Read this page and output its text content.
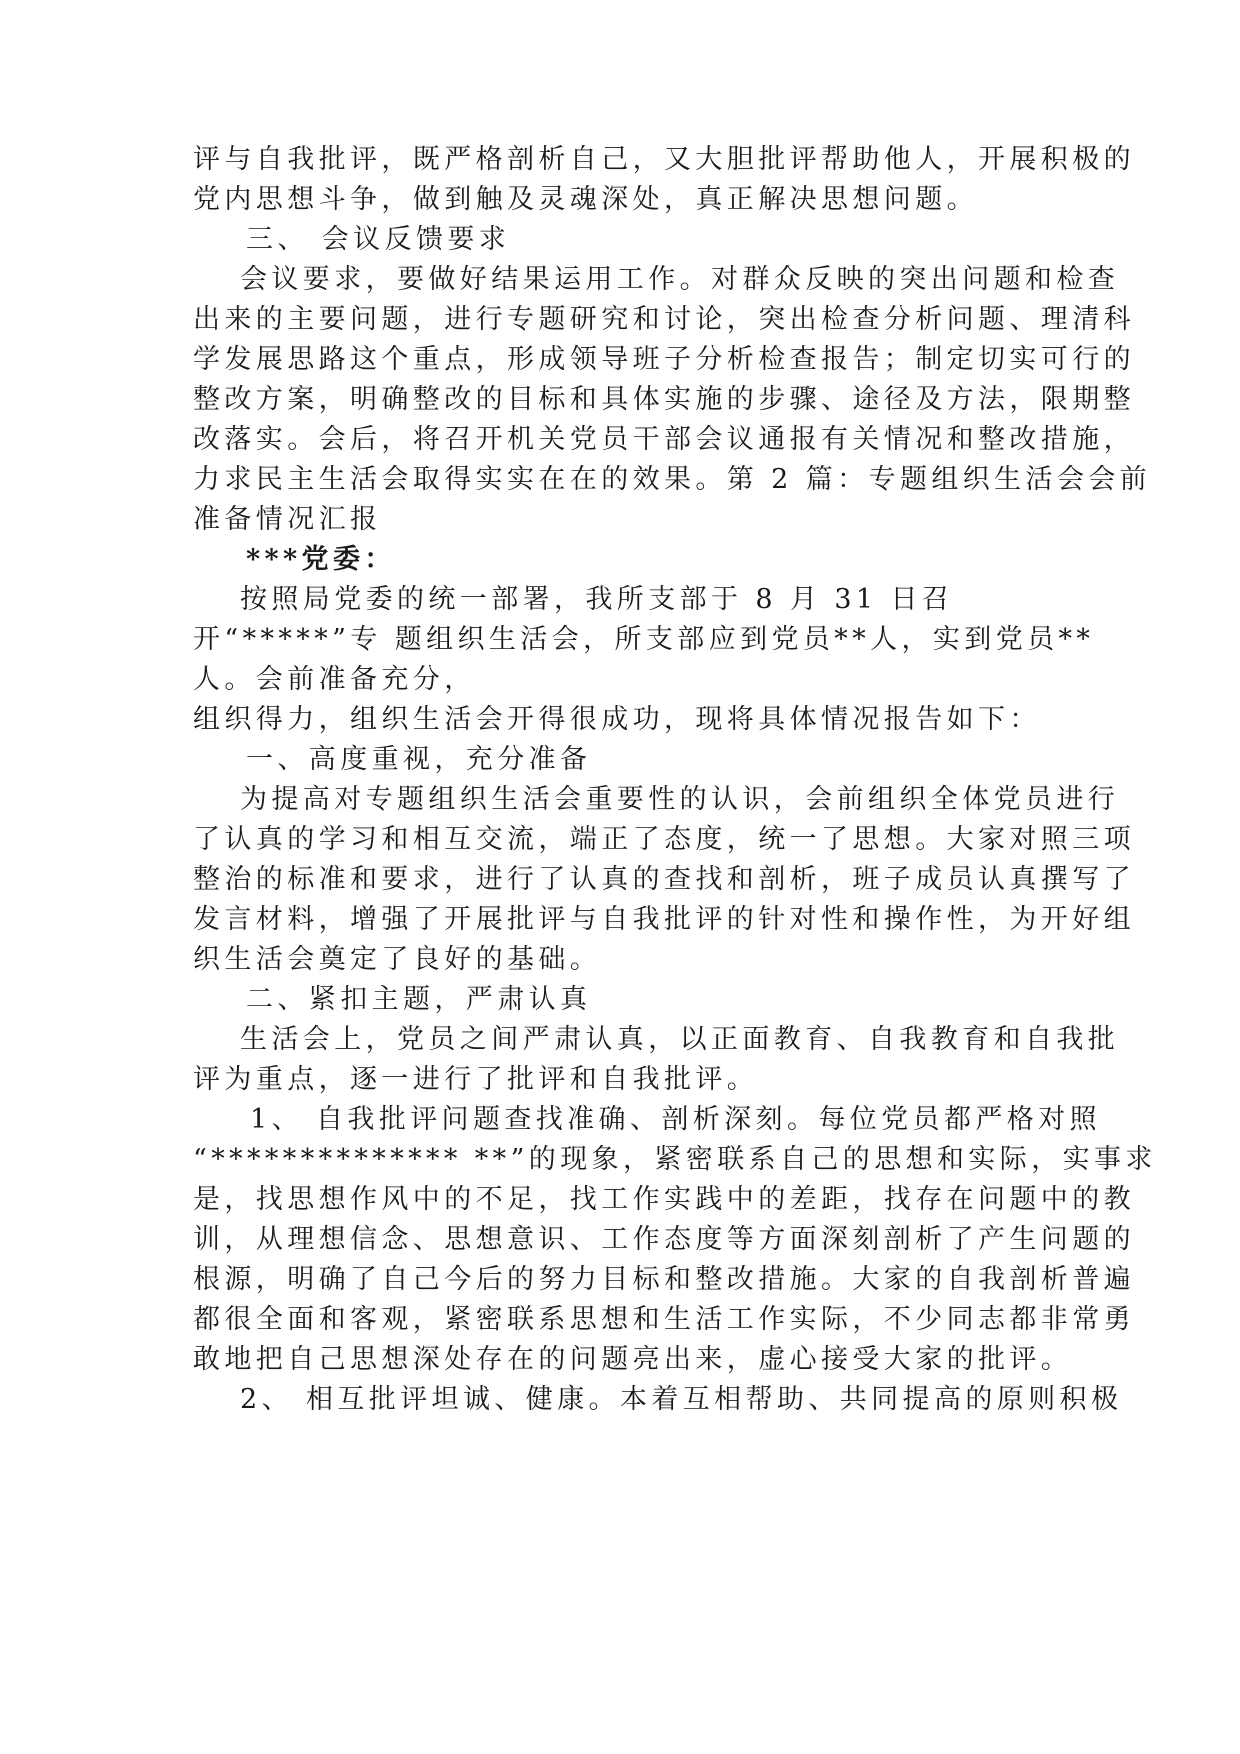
评与自我批评，既严格剖析自己，又大胆批评帮助他人，开展积极的
党内思想斗争，做到触及灵魂深处，真正解决思想问题。
三、 会议反馈要求
会议要求，要做好结果运用工作。对群众反映的突出问题和检查
出来的主要问题，进行专题研究和讨论，突出检查分析问题、理清科
学发展思路这个重点，形成领导班子分析检查报告；制定切实可行的
整改方案，明确整改的目标和具体实施的步骤、途径及方法，限期整
改落实。会后，将召开机关党员干部会议通报有关情况和整改措施，
力求民主生活会取得实实在在的效果。第 2 篇：专题组织生活会会前
准备情况汇报
***党委：
按照局党委的统一部署，我所支部于 8 月 31 日召
开“*****”专 题组织生活会，所支部应到党员**人，实到党员**
人。会前准备充分，
组织得力，组织生活会开得很成功，现将具体情况报告如下：
一、高度重视，充分准备
为提高对专题组织生活会重要性的认识，会前组织全体党员进行
了认真的学习和相互交流，端正了态度，统一了思想。大家对照三项
整治的标准和要求，进行了认真的查找和剖析，班子成员认真撰写了
发言材料，增强了开展批评与自我批评的针对性和操作性，为开好组
织生活会奠定了良好的基础。
二、紧扣主题，严肃认真
生活会上，党员之间严肃认真，以正面教育、自我教育和自我批
评为重点，逐一进行了批评和自我批评。
1、 自我批评问题查找准确、剖析深刻。每位党员都严格对照
“************** **”的现象，紧密联系自己的思想和实际，实事求
是，找思想作风中的不足，找工作实践中的差距，找存在问题中的教
训，从理想信念、思想意识、工作态度等方面深刻剖析了产生问题的
根源，明确了自己今后的努力目标和整改措施。大家的自我剖析普遍
都很全面和客观，紧密联系思想和生活工作实际，不少同志都非常勇
敢地把自己思想深处存在的问题亮出来，虚心接受大家的批评。
2、 相互批评坦诚、健康。本着互相帮助、共同提高的原则积极
